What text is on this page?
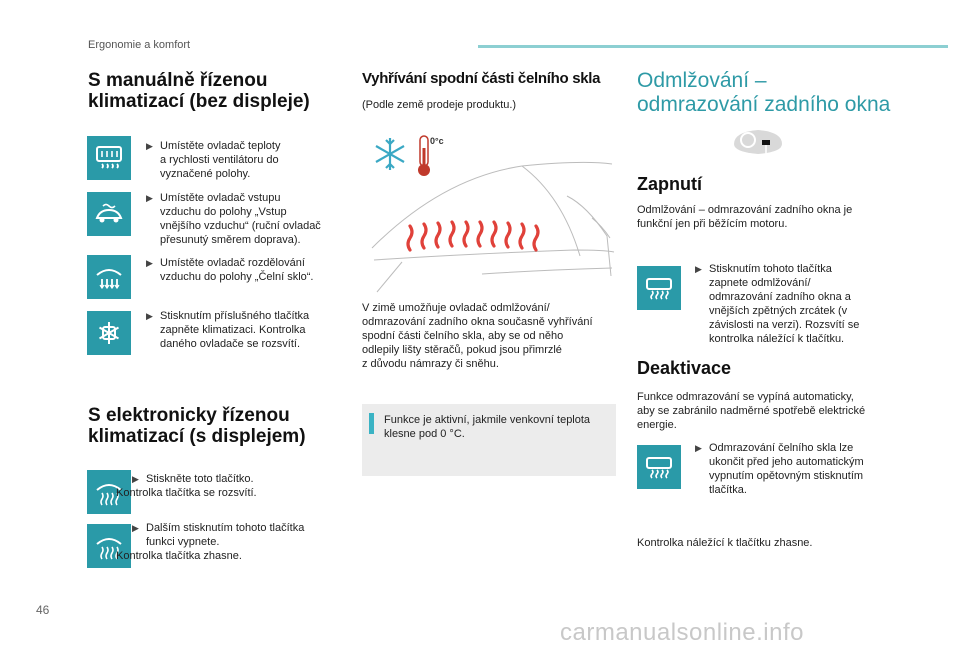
Ergonomie a komfort
S manuálně řízenou
klimatizací (bez displeje)
▶ Umístěte ovladač teploty
a rychlosti ventilátoru do
vyznačené polohy.
▶ Umístěte ovladač vstupu
vzduchu do polohy „Vstup
vnějšího vzduchu“ (ruční ovladač
přesunutý směrem doprava).
▶ Umístěte ovladač rozdělování
vzduchu do polohy „Čelní sklo“.
▶ Stisknutím příslušného tlačítka
zapněte klimatizaci. Kontrolka
daného ovladače se rozsvítí.
S elektronicky řízenou
klimatizací (s displejem)
▶ Stiskněte toto tlačítko.
Kontrolka tlačítka se rozsvítí.
▶ Dalším stisknutím tohoto tlačítka
funkci vypnete.
Kontrolka tlačítka zhasne.
Vyhřívání spodní části čelního skla
(Podle země prodeje produktu.)
0°c
V zimě umožňuje ovladač odmlžování/
odmrazování zadního okna současně vyhřívání
spodní části čelního skla, aby se od něho
odlepily lišty stěračů, pokud jsou přimrzlé
z důvodu námrazy či sněhu.
Funkce je aktivní, jakmile venkovní teplota
klesne pod 0 °C.
Odmlžování –
odmrazování zadního okna
Zapnutí
Odmlžování – odmrazování zadního okna je
funkční jen při běžícím motoru.
▶ Stisknutím tohoto tlačítka
zapnete odmlžování/
odmrazování zadního okna a
vnějších zpětných zrcátek (v
závislosti na verzi). Rozsvítí se
kontrolka náležící k tlačítku.
Deaktivace
Funkce odmrazování se vypíná automaticky,
aby se zabránilo nadměrné spotřebě elektrické
energie.
▶ Odmrazování čelního skla lze
ukončit před jeho automatickým
vypnutím opětovným stisknutím
tlačítka.
Kontrolka náležící k tlačítku zhasne.
46
carmanualsonline.info
